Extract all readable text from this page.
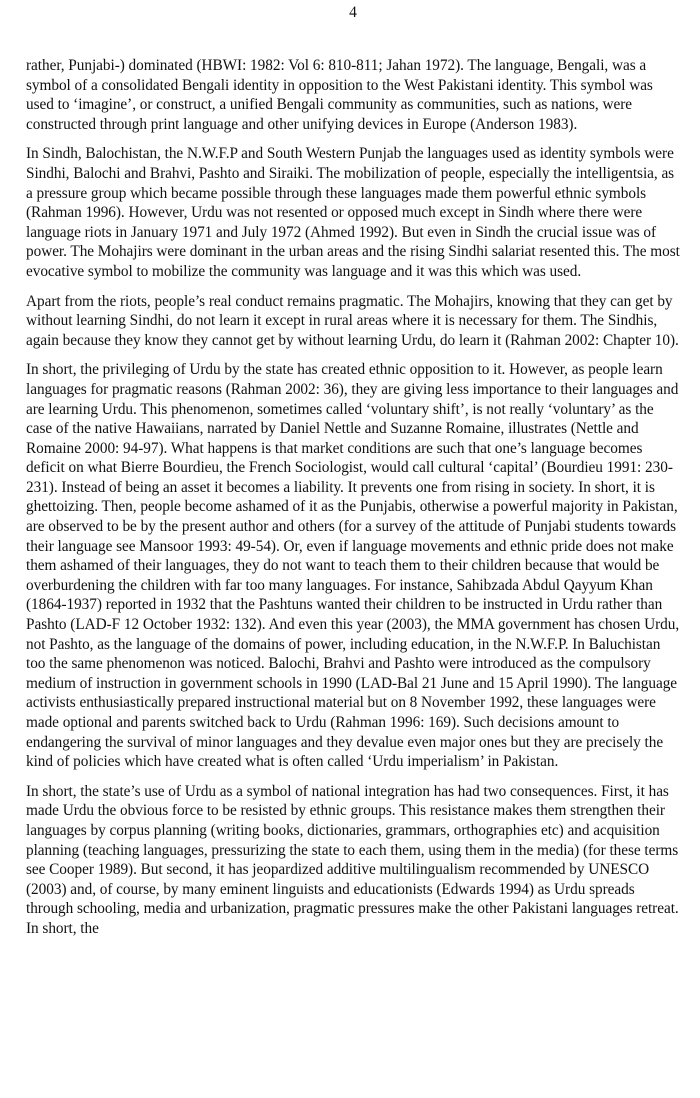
4

rather, Punjabi-) dominated (HBWI: 1982: Vol 6: 810-811; Jahan 1972). The language, Bengali, was a symbol of a consolidated Bengali identity in opposition to the West Pakistani identity. This symbol was used to ‘imagine’, or construct, a unified Bengali community as communities, such as nations, were constructed through print language and other unifying devices in Europe (Anderson 1983).

In Sindh, Balochistan, the N.W.F.P and South Western Punjab the languages used as identity symbols were Sindhi, Balochi and Brahvi, Pashto and Siraiki. The mobilization of people, especially the intelligentsia, as a pressure group which became possible through these languages made them powerful ethnic symbols (Rahman 1996). However, Urdu was not resented or opposed much except in Sindh where there were language riots in January 1971 and July 1972 (Ahmed 1992). But even in Sindh the crucial issue was of power. The Mohajirs were dominant in the urban areas and the rising Sindhi salariat resented this. The most evocative symbol to mobilize the community was language and it was this which was used.

Apart from the riots, people’s real conduct remains pragmatic. The Mohajirs, knowing that they can get by without learning Sindhi, do not learn it except in rural areas where it is necessary for them. The Sindhis, again because they know they cannot get by without learning Urdu, do learn it (Rahman 2002: Chapter 10).

In short, the privileging of Urdu by the state has created ethnic opposition to it. However, as people learn languages for pragmatic reasons (Rahman 2002: 36), they are giving less importance to their languages and are learning Urdu. This phenomenon, sometimes called ‘voluntary shift’, is not really ‘voluntary’ as the case of the native Hawaiians, narrated by Daniel Nettle and Suzanne Romaine, illustrates (Nettle and Romaine 2000: 94-97). What happens is that market conditions are such that one’s language becomes deficit on what Bierre Bourdieu, the French Sociologist, would call cultural ‘capital’ (Bourdieu 1991: 230-231). Instead of being an asset it becomes a liability. It prevents one from rising in society. In short, it is ghettoizing. Then, people become ashamed of it as the Punjabis, otherwise a powerful majority in Pakistan, are observed to be by the present author and others (for a survey of the attitude of Punjabi students towards their language see Mansoor 1993: 49-54). Or, even if language movements and ethnic pride does not make them ashamed of their languages, they do not want to teach them to their children because that would be overburdening the children with far too many languages. For instance, Sahibzada Abdul Qayyum Khan (1864-1937) reported in 1932 that the Pashtuns wanted their children to be instructed in Urdu rather than Pashto (LAD-F 12 October 1932: 132). And even this year (2003), the MMA government has chosen Urdu, not Pashto, as the language of the domains of power, including education, in the N.W.F.P. In Baluchistan too the same phenomenon was noticed. Balochi, Brahvi and Pashto were introduced as the compulsory medium of instruction in government schools in 1990 (LAD-Bal 21 June and 15 April 1990). The language activists enthusiastically prepared instructional material but on 8 November 1992, these languages were made optional and parents switched back to Urdu (Rahman 1996: 169). Such decisions amount to endangering the survival of minor languages and they devalue even major ones but they are precisely the kind of policies which have created what is often called ‘Urdu imperialism’ in Pakistan.

In short, the state’s use of Urdu as a symbol of national integration has had two consequences. First, it has made Urdu the obvious force to be resisted by ethnic groups. This resistance makes them strengthen their languages by corpus planning (writing books, dictionaries, grammars, orthographies etc) and acquisition planning (teaching languages, pressurizing the state to each them, using them in the media) (for these terms see Cooper 1989). But second, it has jeopardized additive multilingualism recommended by UNESCO (2003) and, of course, by many eminent linguists and educationists (Edwards 1994) as Urdu spreads through schooling, media and urbanization, pragmatic pressures make the other Pakistani languages retreat. In short, the
